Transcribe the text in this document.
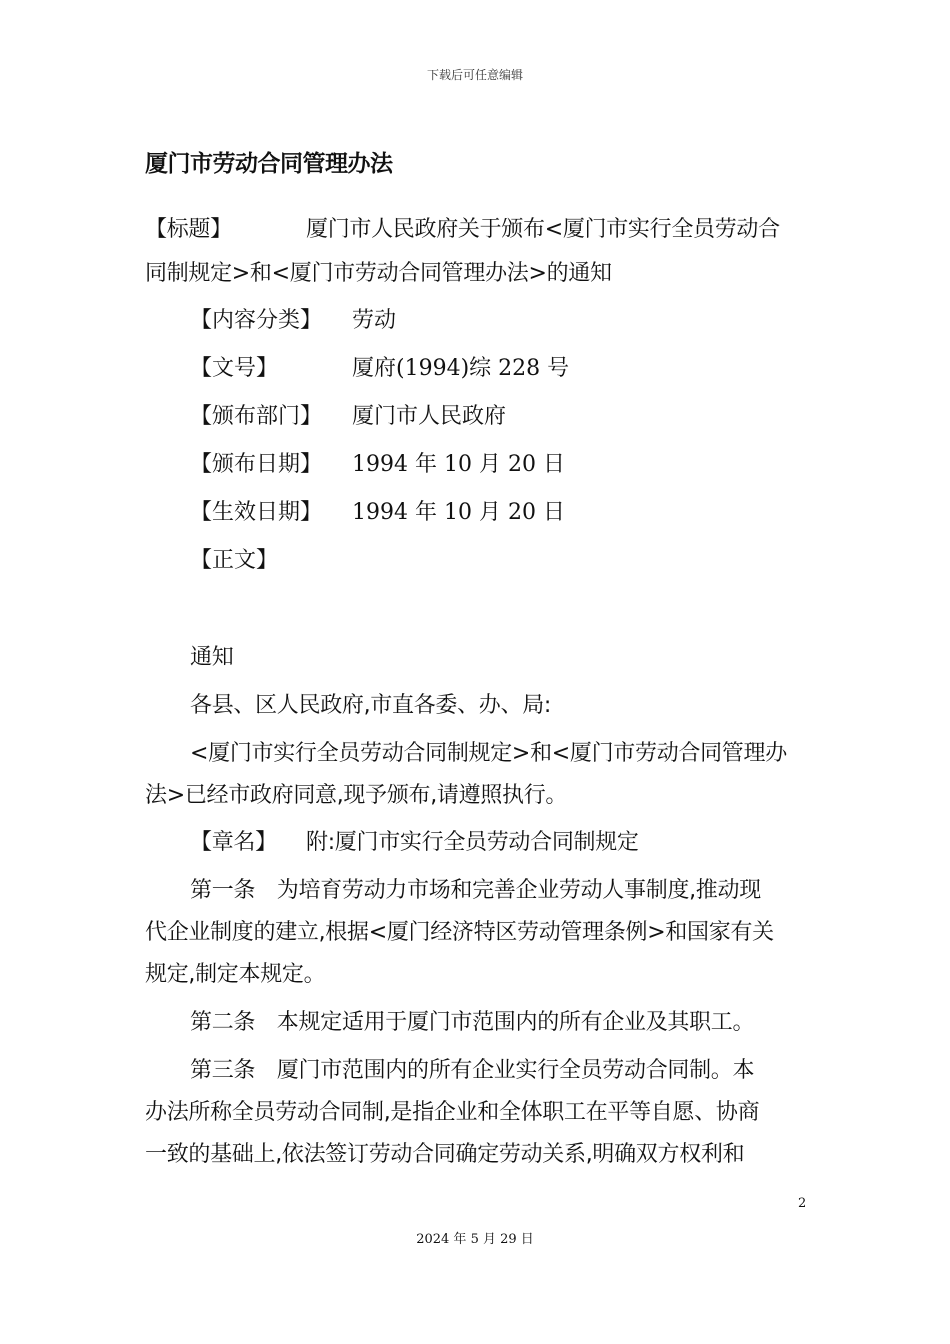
下载后可任意编辑
厦门市劳动合同管理办法
【标题】	厦门市人民政府关于颁布<厦门市实行全员劳动合
同制规定>和<厦门市劳动合同管理办法>的通知
【内容分类】 劳动
【文号】	厦府(1994)综 228 号
【颁布部门】 厦门市人民政府
【颁布日期】 1994 年 10 月 20 日
【生效日期】 1994 年 10 月 20 日
【正文】
通知
各县、区人民政府,市直各委、办、局:
<厦门市实行全员劳动合同制规定>和<厦门市劳动合同管理办
法>已经市政府同意,现予颁布,请遵照执行。
【章名】 附:厦门市实行全员劳动合同制规定
第一条　为培育劳动力市场和完善企业劳动人事制度,推动现
代企业制度的建立,根据<厦门经济特区劳动管理条例>和国家有关
规定,制定本规定。
第二条　本规定适用于厦门市范围内的所有企业及其职工。
第三条　厦门市范围内的所有企业实行全员劳动合同制。本
办法所称全员劳动合同制,是指企业和全体职工在平等自愿、协商
一致的基础上,依法签订劳动合同确定劳动关系,明确双方权利和
2
2024 年 5 月 29 日
